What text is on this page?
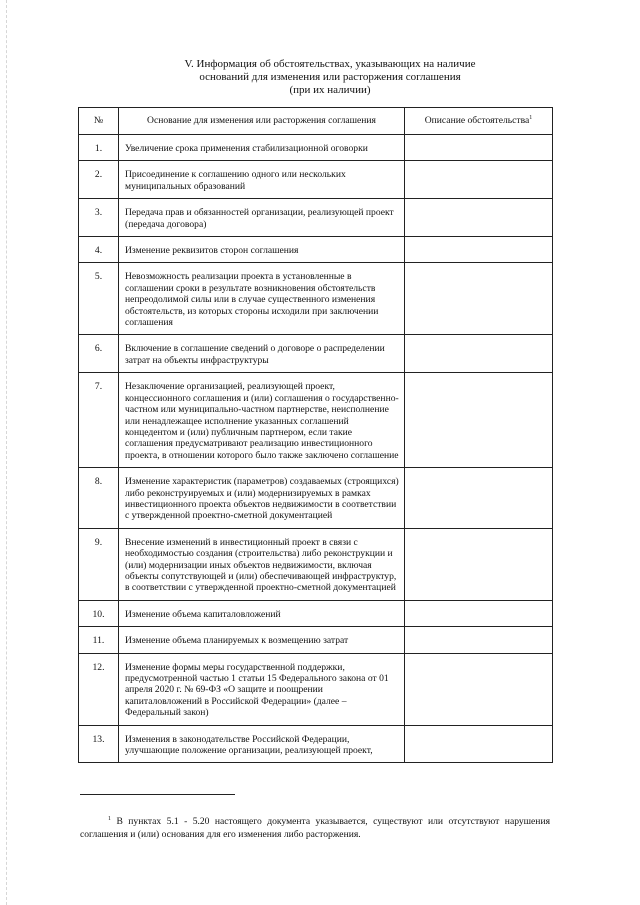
V. Информация об обстоятельствах, указывающих на наличие
оснований для изменения или расторжения соглашения
(при их наличии)
№	Основание для изменения или расторжения соглашения	Описание обстоятельства$^1$
1.	Увеличение срока применения стабилизационной оговорки	
2.	Присоединение к соглашению одного или нескольких муниципальных образований	
3.	Передача прав и обязанностей организации, реализующей проект (передача договора)	
4.	Изменение реквизитов сторон соглашения	
5.	Невозможность реализации проекта в установленные в соглашении сроки в результате возникновения обстоятельств непреодолимой силы или в случае существенного изменения обстоятельств, из которых стороны исходили при заключении соглашения	
6.	Включение в соглашение сведений о договоре о распределении затрат на объекты инфраструктуры	
7.	Незаключение организацией, реализующей проект, концессионного соглашения и (или) соглашения о государственно-частном или муниципально-частном партнерстве, неисполнение или ненадлежащее исполнение указанных соглашений концедентом и (или) публичным партнером, если такие соглашения предусматривают реализацию инвестиционного проекта, в отношении которого было также заключено соглашение	
8.	Изменение характеристик (параметров) создаваемых (строящихся) либо реконструируемых и (или) модернизируемых в рамках инвестиционного проекта объектов недвижимости в соответствии с утвержденной проектно-сметной документацией	
9.	Внесение изменений в инвестиционный проект в связи с необходимостью создания (строительства) либо реконструкции и (или) модернизации иных объектов недвижимости, включая объекты сопутствующей и (или) обеспечивающей инфраструктур, в соответствии с утвержденной проектно-сметной документацией	
10.	Изменение объема капиталовложений	
11.	Изменение объема планируемых к возмещению затрат	
12.	Изменение формы меры государственной поддержки, предусмотренной частью 1 статьи 15 Федерального закона от 01 апреля 2020 г. № 69-ФЗ «О защите и поощрении капиталовложений в Российской Федерации» (далее – Федеральный закон)	
13.	Изменения в законодательстве Российской Федерации, улучшающие положение организации, реализующей проект,	
$^1$ В пунктах 5.1 - 5.20 настоящего документа указывается, существуют или отсутствуют нарушения соглашения и (или) основания для его изменения либо расторжения.
